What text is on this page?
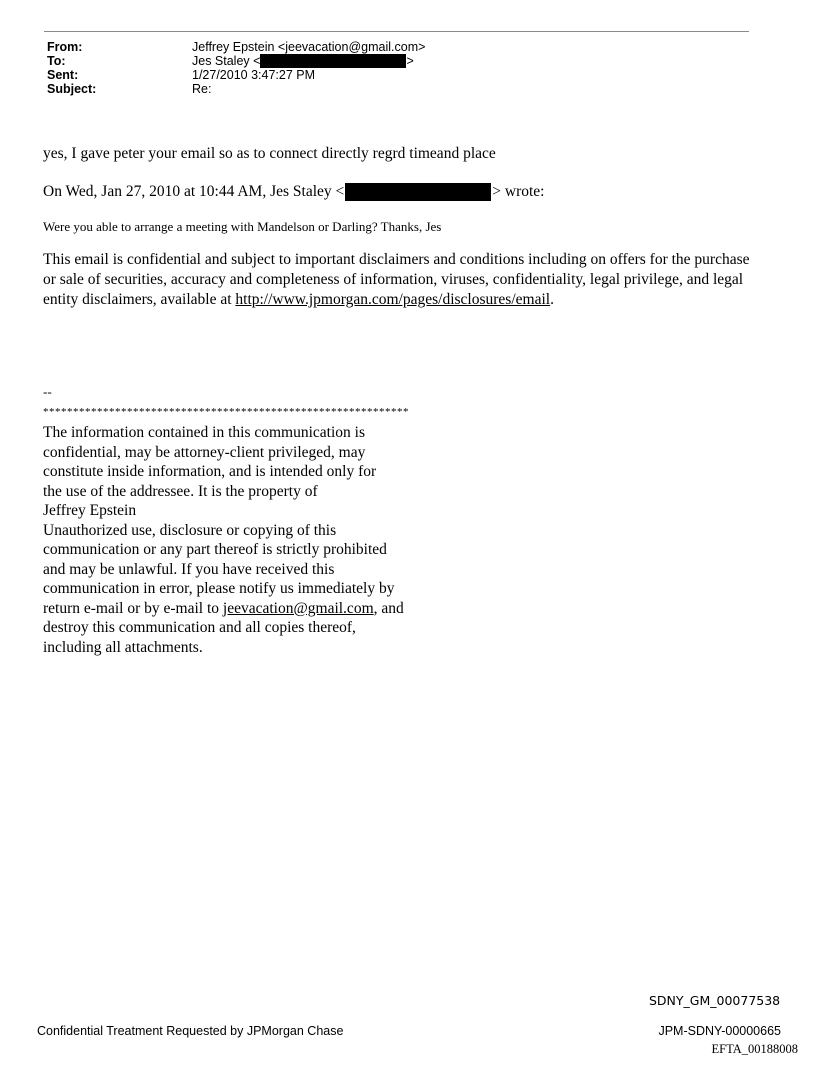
From:	Jeffrey Epstein <jeevacation@gmail.com>
To:	Jes Staley <	>
Sent:	1/27/2010 3:47:27 PM
Subject:	Re:
yes, I gave peter your email so as to connect directly regrd timeand place
On Wed, Jan 27, 2010 at 10:44 AM, Jes Staley <	> wrote:
Were you able to arrange a meeting with Mandelson or Darling? Thanks, Jes
This email is confidential and subject to important disclaimers and conditions including on offers for the purchase
or sale of securities, accuracy and completeness of information, viruses, confidentiality, legal privilege, and legal
entity disclaimers, available at http://www.jpmorgan.com/pages/disclosures/email.
--
*************************************************************
The information contained in this communication is
confidential, may be attorney-client privileged, may
constitute inside information, and is intended only for
the use of the addressee. It is the property of
Jeffrey Epstein
Unauthorized use, disclosure or copying of this
communication or any part thereof is strictly prohibited
and may be unlawful. If you have received this
communication in error, please notify us immediately by
return e-mail or by e-mail to jeevacation@gmail.com, and
destroy this communication and all copies thereof,
including all attachments.
SDNY_GM_00077538
Confidential Treatment Requested by JPMorgan Chase	JPM-SDNY-00000665
EFTA_00188008
